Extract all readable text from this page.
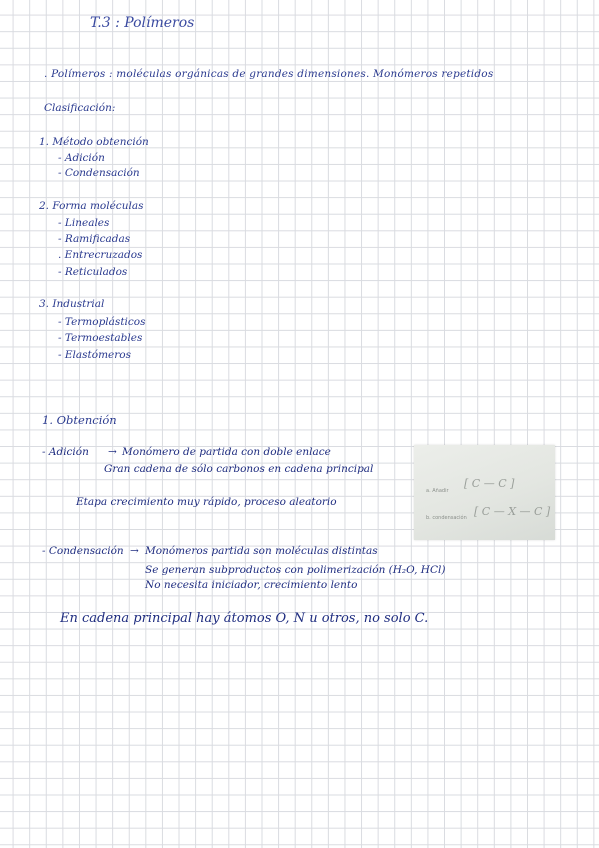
T.3 : Polímeros
. Polímeros : moléculas orgánicas de grandes dimensiones. Monómeros repetidos
Clasificación:
1. Método obtención
- Adición
- Condensación
2. Forma moléculas
- Lineales
- Ramificadas
. Entrecruzados
- Reticulados
3. Industrial
- Termoplásticos
- Termoestables
- Elastómeros
1. Obtención
- Adición → Monómero de partida con doble enlace
Gran cadena de sólo carbonos en cadena principal
Etapa crecimiento muy rápido, proceso aleatorio
a. Añadir
[ C — C ]
b. condensación [ C — X — C ]
- Condensación → Monómeros partida son moléculas distintas
Se generan subproductos con polimerización (H₂O, HCl)
No necesita iniciador, crecimiento lento
En cadena principal hay átomos O, N u otros, no solo C.
